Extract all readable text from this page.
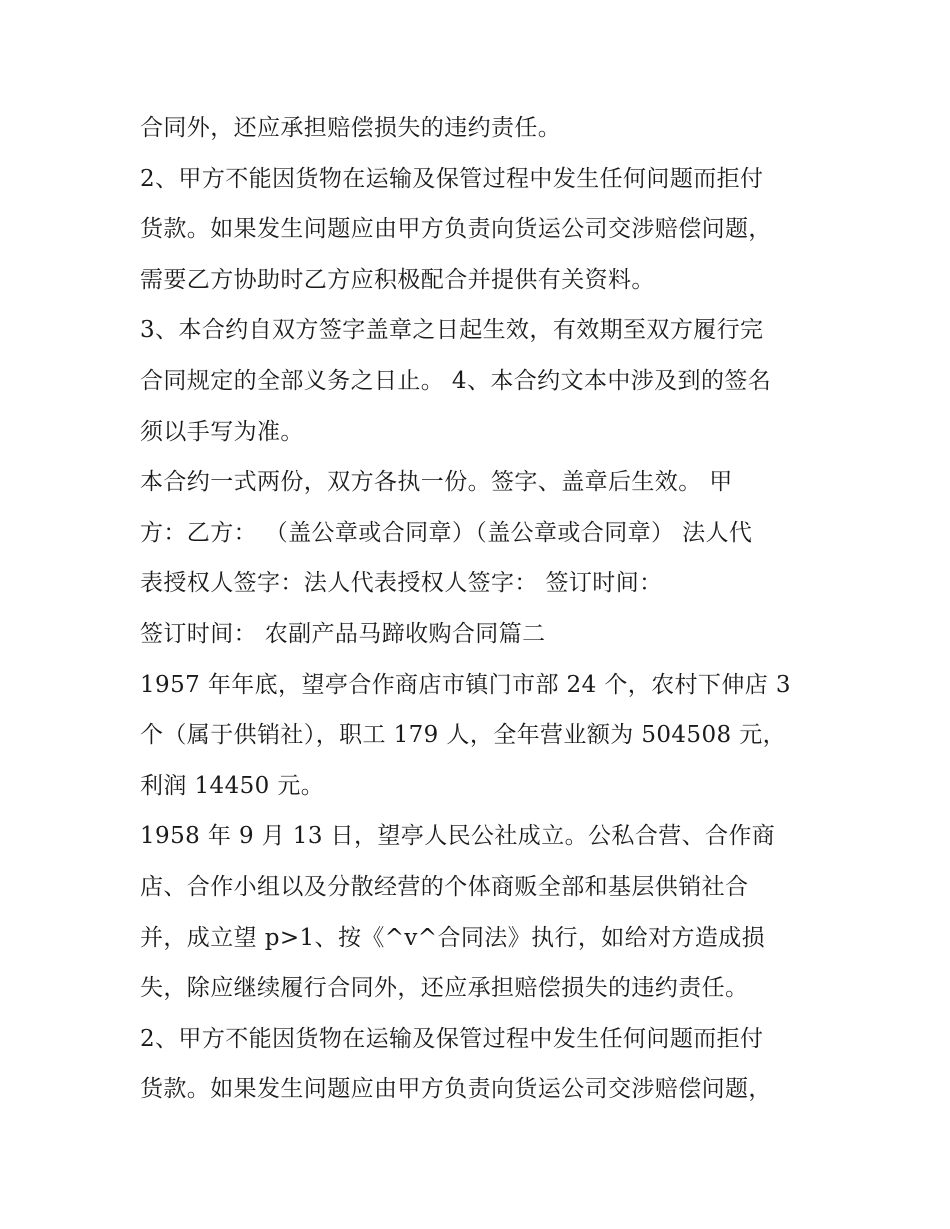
合同外，还应承担赔偿损失的违约责任。
2、甲方不能因货物在运输及保管过程中发生任何问题而拒付
货款。如果发生问题应由甲方负责向货运公司交涉赔偿问题，
需要乙方协助时乙方应积极配合并提供有关资料。
3、本合约自双方签字盖章之日起生效，有效期至双方履行完
合同规定的全部义务之日止。 4、本合约文本中涉及到的签名
须以手写为准。
本合约一式两份，双方各执一份。签字、盖章后生效。 甲
方：乙方： （盖公章或合同章）（盖公章或合同章） 法人代
表授权人签字：法人代表授权人签字： 签订时间：
签订时间： 农副产品马蹄收购合同篇二
1957 年年底，望亭合作商店市镇门市部 24 个，农村下伸店 3
个（属于供销社），职工 179 人，全年营业额为 504508 元，
利润 14450 元。
1958 年 9 月 13 日，望亭人民公社成立。公私合营、合作商
店、合作小组以及分散经营的个体商贩全部和基层供销社合
并，成立望 p>1、按《^v^合同法》执行，如给对方造成损
失，除应继续履行合同外，还应承担赔偿损失的违约责任。
2、甲方不能因货物在运输及保管过程中发生任何问题而拒付
货款。如果发生问题应由甲方负责向货运公司交涉赔偿问题，
